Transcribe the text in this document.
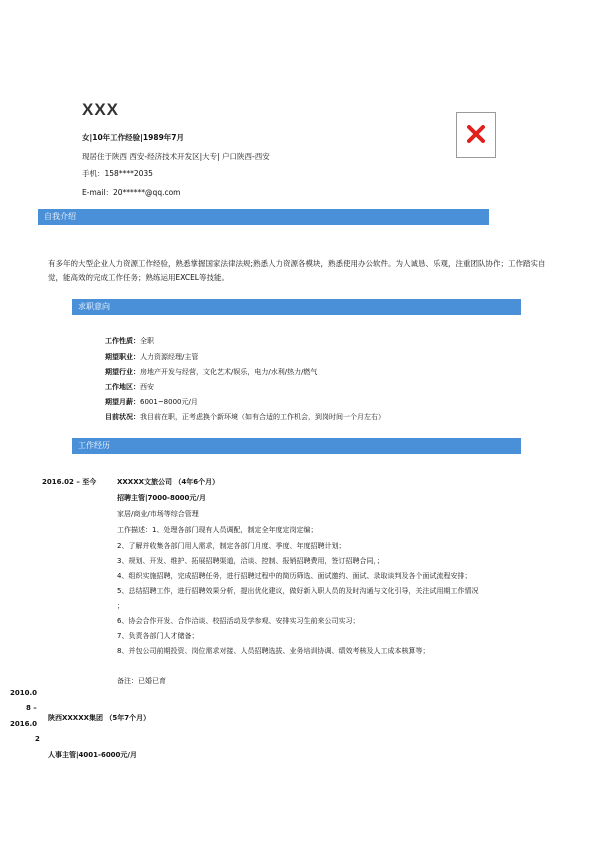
XXX
女|10年工作经验|1989年7月
现居住于陕西 西安-经济技术开发区|大专| 户口陕西-西安
手机：158****2035
E-mail：20******@qq.com
自我介绍
有多年的大型企业人力资源工作经验，熟悉掌握国家法律法规;熟悉人力资源各模块，熟悉使用办公软件。为人诚恳、乐观，注重团队协作；工作踏实自觉，能高效的完成工作任务；熟练运用EXCEL等技能。
求职意向
工作性质：全职
期望职业：人力资源经理/主管
期望行业：房地产开发与经营，文化艺术/娱乐，电力/水利/热力/燃气
工作地区：西安
期望月薪：6001~8000元/月
目前状况：我目前在职，正考虑换个新环境（如有合适的工作机会，到岗时间一个月左右）
工作经历
2016.02 – 至今	XXXXX文旅公司 （4年6个月）
招聘主管|7000-8000元/月
家居/商业/市场等综合管理
工作描述：1、处理各部门现有人员调配，制定全年度定岗定编；
2、了解并收集各部门用人需求，制定各部门月度、季度、年度招聘计划；
3、规划、开发、维护、拓展招聘渠道，洽谈、控制、报销招聘费用，签订招聘合同，；
4、组织实施招聘，完成招聘任务，进行招聘过程中的简历筛选、面试邀约、面试、录取谈判及各个面试流程安排；
5、总结招聘工作，进行招聘效果分析，提出优化建议，做好新入职人员的及时沟通与文化引导，关注试用期工作情况
；
6、协会合作开发、合作洽谈、校招活动及学参观、安排实习生前来公司实习；
7、负责各部门人才储备；
8、并包公司前期投资、岗位需求对接、人员招聘选拔、业务培训协调、绩效考核及人工成本核算等；
备注：已婚已育
2010.0
8 –
2016.0
2
陕西XXXXX集团 （5年7个月）
人事主管|4001-6000元/月
